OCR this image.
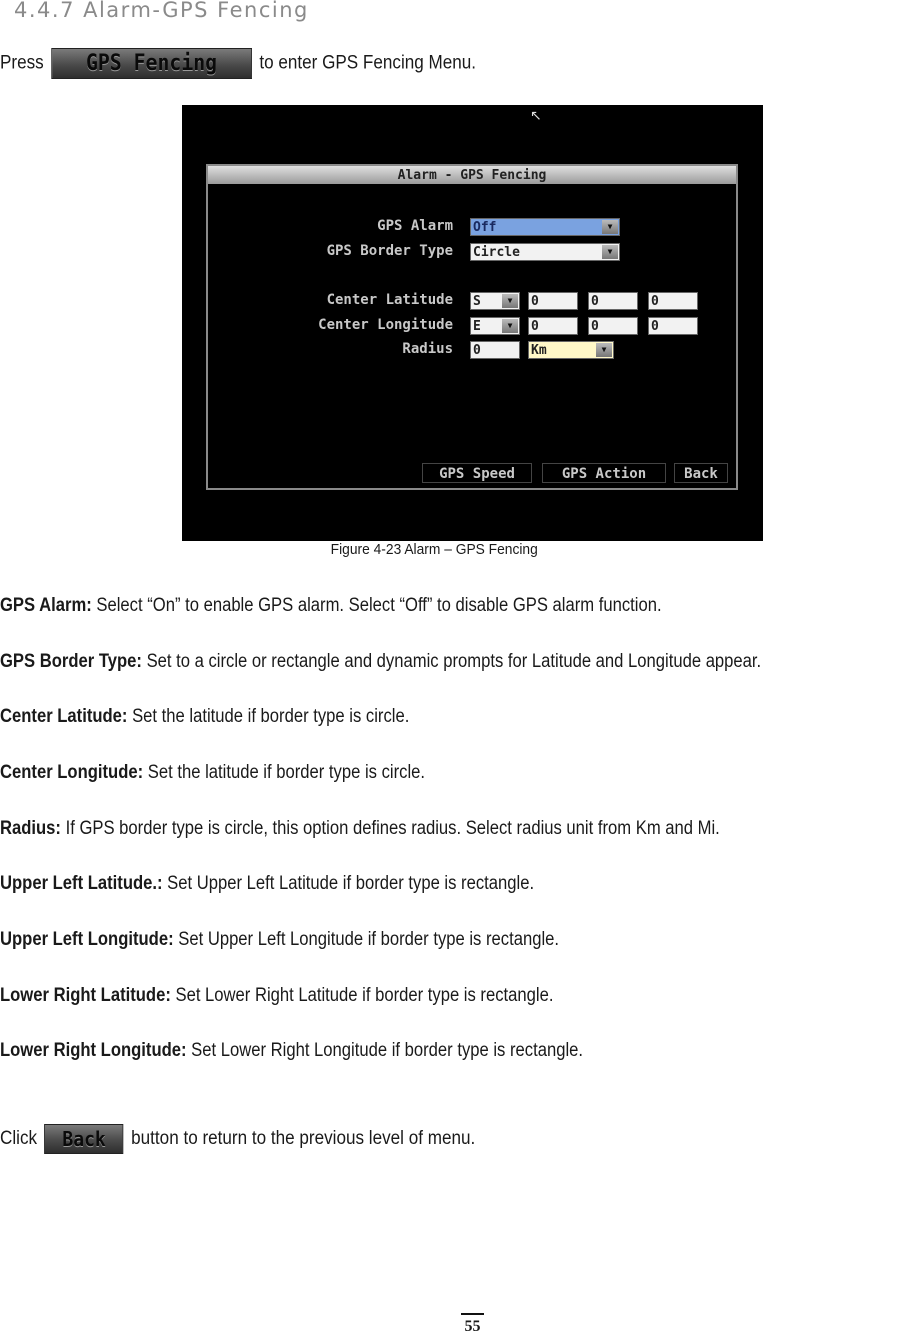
4.4.7 Alarm-GPS Fencing
Press GPS Fencing to enter GPS Fencing Menu.
↖
Alarm - GPS Fencing
GPS Alarm Off	▼
GPS Border Type Circle	▼
Center Latitude S	▼	0	0	0
Center Longitude E	▼	0	0	0
Radius 0	Km	▼
GPS Speed	GPS Action	Back
Figure 4-23 Alarm – GPS Fencing
GPS Alarm: Select “On” to enable GPS alarm. Select “Off” to disable GPS alarm function.
GPS Border Type: Set to a circle or rectangle and dynamic prompts for Latitude and Longitude appear.
Center Latitude: Set the latitude if border type is circle.
Center Longitude: Set the latitude if border type is circle.
Radius: If GPS border type is circle, this option defines radius. Select radius unit from Km and Mi.
Upper Left Latitude.: Set Upper Left Latitude if border type is rectangle.
Upper Left Longitude: Set Upper Left Longitude if border type is rectangle.
Lower Right Latitude: Set Lower Right Latitude if border type is rectangle.
Lower Right Longitude: Set Lower Right Longitude if border type is rectangle.
Click Back button to return to the previous level of menu.
55
